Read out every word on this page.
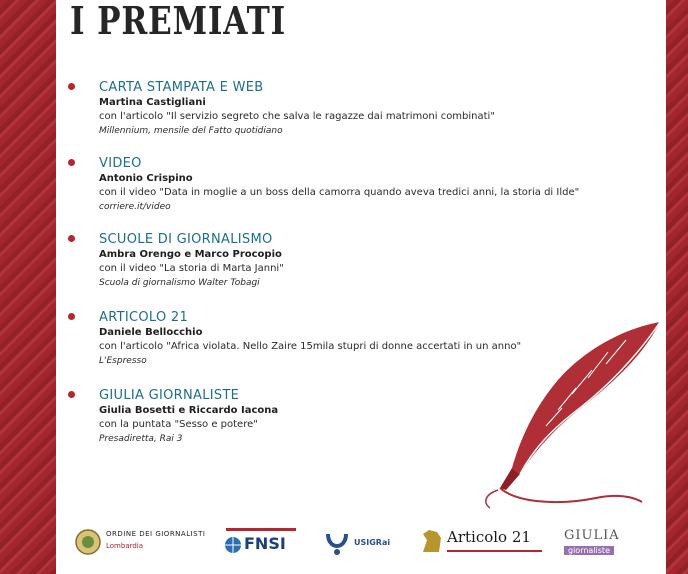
I PREMIATI
CARTA STAMPATA E WEB
Martina Castigliani
con l'articolo "Il servizio segreto che salva le ragazze dai matrimoni combinati"
Millennium, mensile del Fatto quotidiano
VIDEO
Antonio Crispino
con il video "Data in moglie a un boss della camorra quando aveva tredici anni, la storia di Ilde"
corriere.it/video
SCUOLE DI GIORNALISMO
Ambra Orengo e Marco Procopio
con il video "La storia di Marta Janni"
Scuola di giornalismo Walter Tobagi
ARTICOLO 21
Daniele Bellocchio
con l'articolo "Africa violata. Nello Zaire 15mila stupri di donne accertati in un anno"
L'Espresso
GIULIA GIORNALISTE
Giulia Bosetti e Riccardo Iacona
con la puntata "Sesso e potere"
Presadiretta, Rai 3
ORDINE DEI GIORNALISTI
Lombardia	FNSI	USIGRai	Articolo 21	GIULIA
giornaliste
